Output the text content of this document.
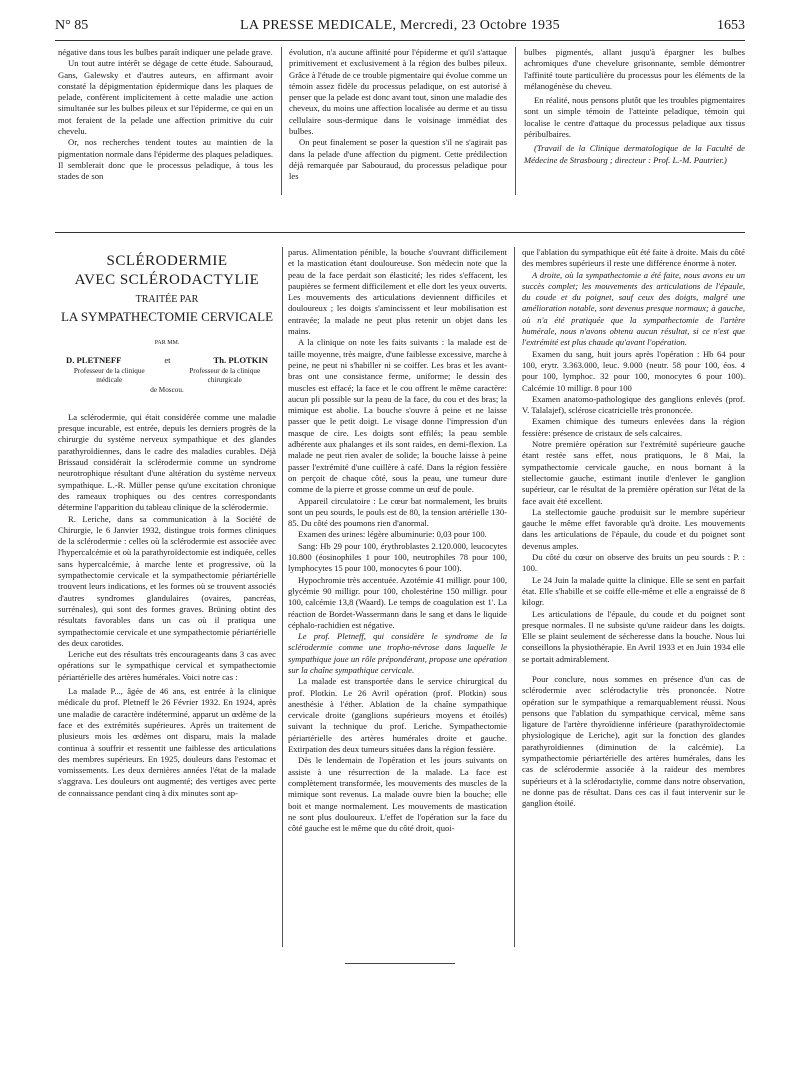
N° 85	LA PRESSE MEDICALE, Mercredi, 23 Octobre 1935	1653

négative dans tous les bulbes paraît indiquer une pelade grave.

Un tout autre intérêt se dégage de cette étude. Sabouraud, Gans, Galewsky et d'autres auteurs, en affirmant avoir constaté la dépigmentation épidermique dans les plaques de pelade, confèrent implicitement à cette maladie une action simultanée sur les bulbes pileux et sur l'épiderme, ce qui en un mot feraient de la pelade une affection primitive du cuir chevelu.

Or, nos recherches tendent toutes au maintien de la pigmentation normale dans l'épiderme des plaques peladiques. Il semblerait donc que le processus peladique, à tous les stades de son

évolution, n'a aucune affinité pour l'épiderme et qu'il s'attaque primitivement et exclusivement à la région des bulbes pileux. Grâce à l'étude de ce trouble pigmentaire qui évolue comme un témoin assez fidèle du processus peladique, on est autorisé à penser que la pelade est donc avant tout, sinon une maladie des cheveux, du moins une affection localisée au derme et au tissu cellulaire sous-dermique dans le voisinage immédiat des bulbes.

On peut finalement se poser la question s'il ne s'agirait pas dans la pelade d'une affection du pigment. Cette prédilection déjà remarquée par Sabouraud, du processus peladique pour les

bulbes pigmentés, allant jusqu'à épargner les bulbes achromiques d'une chevelure grisonnante, semble démontrer l'affinité toute particulière du processus pour les éléments de la mélanogénèse du cheveu.

En réalité, nous pensons plutôt que les troubles pigmentaires sont un simple témoin de l'atteinte peladique, témoin qui localise le centre d'attaque du processus peladique aux tissus péribulbaires.

(Travail de la Clinique dermatologique de la Faculté de Médecine de Strasbourg ; directeur : Prof. L.-M. Pautrier.)

SCLÉRODERMIE
AVEC SCLÉRODACTYLIE
TRAITÉE PAR
LA SYMPATHECTOMIE CERVICALE
PAR MM.
D. PLETNEFF	et	Th. PLOTKIN
Professeur de la clinique médicale
Professeur de la clinique chirurgicale
de Moscou.

La sclérodermie, qui était considérée comme une maladie presque incurable, est entrée, depuis les derniers progrès de la chirurgie du système nerveux sympathique et des glandes parathyroïdiennes, dans le cadre des maladies curables. Déjà Brissaud considérait la sclérodermie comme un syndrome neurotrophique résultant d'une altération du système nerveux sympathique. L.-R. Müller pense qu'une excitation chronique des rameaux trophiques ou des centres correspondants détermine l'apparition du tableau clinique de la sclérodermie.

R. Leriche, dans sa communication à la Société de Chirurgie, le 6 Janvier 1932, distingue trois formes cliniques de la sclérodermie : celles où la sclérodermie est associée avec l'hypercalcémie et où la parathyroïdectomie est indiquée, celles sans hypercalcémie, à marche lente et progressive, où la sympathectomie cervicale et la sympathectomie périartérielle trouvent leurs indications, et les formes où se trouvent associés d'autres syndromes glandulaires (ovaires, pancréas, surrénales), qui sont des formes graves. Brüning obtint des résultats favorables dans un cas où il pratiqua une sympathectomie cervicale et une sympathectomie périartérielle des deux carotides.

Leriche eut des résultats très encourageants dans 3 cas avec opérations sur le sympathique cervical et sympathectomie périartérielle des artères humérales. Voici notre cas :

La malade P..., âgée de 46 ans, est entrée à la clinique médicale du prof. Pletneff le 26 Février 1932. En 1924, après une maladie de caractère indéterminé, apparut un œdème de la face et des extrémités supérieures. Après un traitement de plusieurs mois les œdèmes ont disparu, mais la malade continua à souffrir et ressentit une faiblesse des articulations des membres supérieurs. En 1925, douleurs dans l'estomac et vomissements. Les deux dernières années l'état de la malade s'aggrava. Les douleurs ont augmenté; des vertiges avec perte de connaissance pendant cinq à dix minutes sont ap-

parus. Alimentation pénible, la bouche s'ouvrant difficilement et la mastication étant douloureuse. Son médecin note que la peau de la face perdait son élasticité; les rides s'effacent, les paupières se ferment difficilement et elle dort les yeux ouverts. Les mouvements des articulations deviennent difficiles et douloureux ; les doigts s'amincissent et leur mobilisation est entravée; la malade ne peut plus retenir un objet dans les mains.

A la clinique on note les faits suivants : la malade est de taille moyenne, très maigre, d'une faiblesse excessive, marche à peine, ne peut ni s'habiller ni se coiffer. Les bras et les avant-bras ont une consistance ferme, uniforme; le dessin des muscles est effacé; la face et le cou offrent le même caractère: aucun pli possible sur la peau de la face, du cou et des bras; la mimique est abolie. La bouche s'ouvre à peine et ne laisse passer que le petit doigt. Le visage donne l'impression d'un masque de cire. Les doigts sont effilés; la peau semble adhérente aux phalanges et ils sont raides, en demi-flexion. La malade ne peut rien avaler de solide; la bouche laisse à peine passer l'extrémité d'une cuillère à café. Dans la région fessière on perçoit de chaque côté, sous la peau, une tumeur dure comme de la pierre et grosse comme un œuf de poule.

Appareil circulatoire : Le cœur bat normalement, les bruits sont un peu sourds, le pouls est de 80, la tension artérielle 130-85. Du côté des poumons rien d'anormal.

Examen des urines: légère albuminurie: 0,03 pour 100.

Sang: Hb 29 pour 100, érythroblastes 2.120.000, leucocytes 10.800 (éosinophiles 1 pour 100, neutrophiles 78 pour 100, lymphocytes 15 pour 100, monocytes 6 pour 100).

Hypochromie très accentuée. Azotémie 41 milligr. pour 100, glycémie 90 milligr. pour 100, cholestérine 150 milligr. pour 100, calcémie 13,8 (Waard). Le temps de coagulation est 1'. La réaction de Bordet-Wassermann dans le sang et dans le liquide céphalo-rachidien est négative.

Le prof. Pletneff, qui considère le syndrome de la sclérodermie comme une tropho-névrose dans laquelle le sympathique joue un rôle prépondérant, propose une opération sur la chaîne sympathique cervicale.

La malade est transportée dans le service chirurgical du prof. Plotkin. Le 26 Avril opération (prof. Plotkin) sous anesthésie à l'éther. Ablation de la chaîne sympathique cervicale droite (ganglions supérieurs moyens et étoilés) suivant la technique du prof. Leriche. Sympathectomie périartérielle des artères humérales droite et gauche. Extirpation des deux tumeurs situées dans la région fessière.

Dès le lendemain de l'opération et les jours suivants on assiste à une résurrection de la malade. La face est complètement transformée, les mouvements des muscles de la mimique sont revenus. La malade ouvre bien la bouche; elle boit et mange normalement. Les mouvements de mastication ne sont plus douloureux. L'effet de l'opération sur la face du côté gauche est le même que du côté droit, quoi-

que l'ablation du sympathique eût été faite à droite. Mais du côté des membres supérieurs il reste une différence énorme à noter.

A droite, où la sympathectomie a été faite, nous avons eu un succès complet; les mouvements des articulations de l'épaule, du coude et du poignet, sauf ceux des doigts, malgré une amélioration notable, sont devenus presque normaux; à gauche, où n'a été pratiquée que la sympathectomie de l'artère humérale, nous n'avons obtenu aucun résultat, si ce n'est que l'extrémité est plus chaude qu'avant l'opération.

Examen du sang, huit jours après l'opération : Hb 64 pour 100, erytr. 3.363.000, leuc. 9.000 (neutr. 58 pour 100, éos. 4 pour 100, lymphoc. 32 pour 100, monocytes 6 pour 100). Calcémie 10 milligr. 8 pour 100

Examen anatomo-pathologique des ganglions enlevés (prof. V. Talalajef), sclérose cicatricielle très prononcée.

Examen chimique des tumeurs enlevées dans la région fessière: présence de cristaux de sels calcaires.

Notre première opération sur l'extrémité supérieure gauche étant restée sans effet, nous pratiquons, le 8 Mai, la sympathectomie cervicale gauche, en nous bornant à la stellectomie gauche, estimant inutile d'enlever le ganglion supérieur, car le résultat de la première opération sur l'état de la face avait été excellent.

La stellectomie gauche produisit sur le membre supérieur gauche le même effet favorable qu'à droite. Les mouvements dans les articulations de l'épaule, du coude et du poignet sont devenus amples.

Du côté du cœur on observe des bruits un peu sourds : P. : 100.

Le 24 Juin la malade quitte la clinique. Elle se sent en parfait état. Elle s'habille et se coiffe elle-même et elle a engraissé de 8 kilogr.

Les articulations de l'épaule, du coude et du poignet sont presque normales. Il ne subsiste qu'une raideur dans les doigts. Elle se plaint seulement de sécheresse dans la bouche. Nous lui conseillons la physiothérapie. En Avril 1933 et en Juin 1934 elle se portait admirablement.

Pour conclure, nous sommes en présence d'un cas de sclérodermie avec sclérodactylie très prononcée. Notre opération sur le sympathique a remarquablement réussi. Nous pensons que l'ablation du sympathique cervical, même sans ligature de l'artère thyroïdienne inférieure (parathyroïdectomie physiologique de Leriche), agit sur la fonction des glandes parathyroïdiennes (diminution de la calcémie). La sympathectomie périartérielle des artères humérales, dans les cas de sclérodermie associée à la raideur des membres supérieurs et à la sclérodactylie, comme dans notre observation, ne donne pas de résultat. Dans ces cas il faut intervenir sur le ganglion étoilé.
